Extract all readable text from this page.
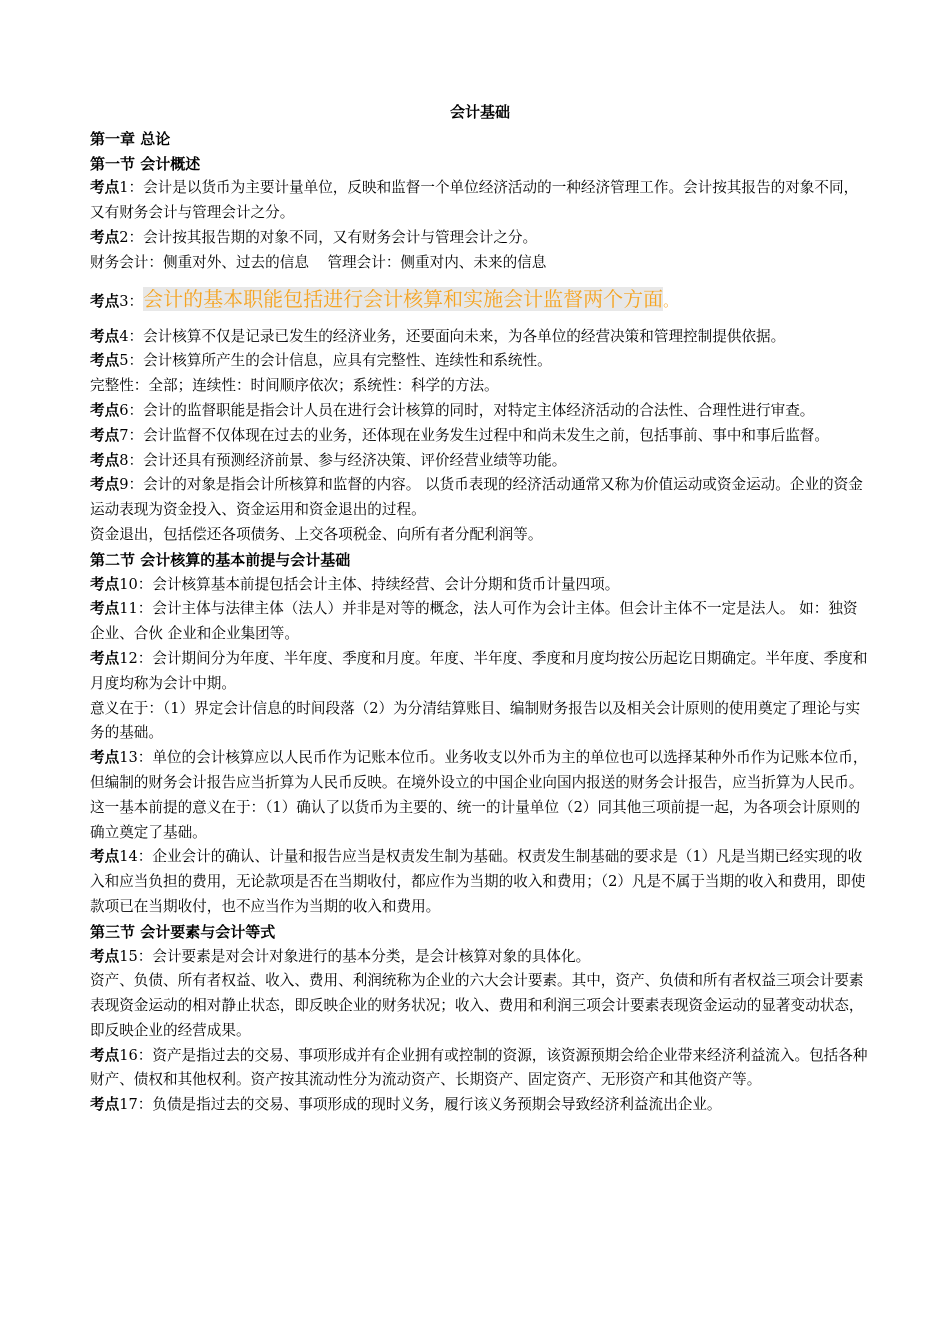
会计基础
第一章 总论
第一节 会计概述

考点1：会计是以货币为主要计量单位，反映和监督一个单位经济活动的一种经济管理工作。会计按其报告的对象不同，又有财务会计与管理会计之分。

考点2：会计按其报告期的对象不同，又有财务会计与管理会计之分。

财务会计：侧重对外、过去的信息    管理会计：侧重对内、未来的信息

考点3：会计的基本职能包括进行会计核算和实施会计监督两个方面。

考点4：会计核算不仅是记录已发生的经济业务，还要面向未来，为各单位的经营决策和管理控制提供依据。

考点5：会计核算所产生的会计信息，应具有完整性、连续性和系统性。

完整性：全部；连续性：时间顺序依次；系统性：科学的方法。

考点6：会计的监督职能是指会计人员在进行会计核算的同时，对特定主体经济活动的合法性、合理性进行审查。

考点7：会计监督不仅体现在过去的业务，还体现在业务发生过程中和尚未发生之前，包括事前、事中和事后监督。

考点8：会计还具有预测经济前景、参与经济决策、评价经营业绩等功能。

考点9：会计的对象是指会计所核算和监督的内容。 以货币表现的经济活动通常又称为价值运动或资金运动。企业的资金运动表现为资金投入、资金运用和资金退出的过程。

资金退出，包括偿还各项债务、上交各项税金、向所有者分配利润等。

第二节 会计核算的基本前提与会计基础

考点10：会计核算基本前提包括会计主体、持续经营、会计分期和货币计量四项。

考点11：会计主体与法律主体（法人）并非是对等的概念，法人可作为会计主体。但会计主体不一定是法人。 如：独资企业、合伙 企业和企业集团等。

考点12：会计期间分为年度、半年度、季度和月度。年度、半年度、季度和月度均按公历起讫日期确定。半年度、季度和月度均称为会计中期。

意义在于：（1）界定会计信息的时间段落（2）为分清结算账目、编制财务报告以及相关会计原则的使用奠定了理论与实务的基础。

考点13：单位的会计核算应以人民币作为记账本位币。业务收支以外币为主的单位也可以选择某种外币作为记账本位币，但编制的财务会计报告应当折算为人民币反映。在境外设立的中国企业向国内报送的财务会计报告，应当折算为人民币。

这一基本前提的意义在于：（1）确认了以货币为主要的、统一的计量单位（2）同其他三项前提一起，为各项会计原则的确立奠定了基础。

考点14：企业会计的确认、计量和报告应当是权责发生制为基础。权责发生制基础的要求是（1）凡是当期已经实现的收入和应当负担的费用，无论款项是否在当期收付，都应作为当期的收入和费用；（2）凡是不属于当期的收入和费用，即使款项已在当期收付，也不应当作为当期的收入和费用。

第三节 会计要素与会计等式

考点15：会计要素是对会计对象进行的基本分类，是会计核算对象的具体化。

资产、负债、所有者权益、收入、费用、利润统称为企业的六大会计要素。其中，资产、负债和所有者权益三项会计要素表现资金运动的相对静止状态，即反映企业的财务状况；收入、费用和利润三项会计要素表现资金运动的显著变动状态，即反映企业的经营成果。

考点16：资产是指过去的交易、事项形成并有企业拥有或控制的资源，该资源预期会给企业带来经济利益流入。包括各种财产、债权和其他权利。资产按其流动性分为流动资产、长期资产、固定资产、无形资产和其他资产等。

考点17：负债是指过去的交易、事项形成的现时义务，履行该义务预期会导致经济利益流出企业。
